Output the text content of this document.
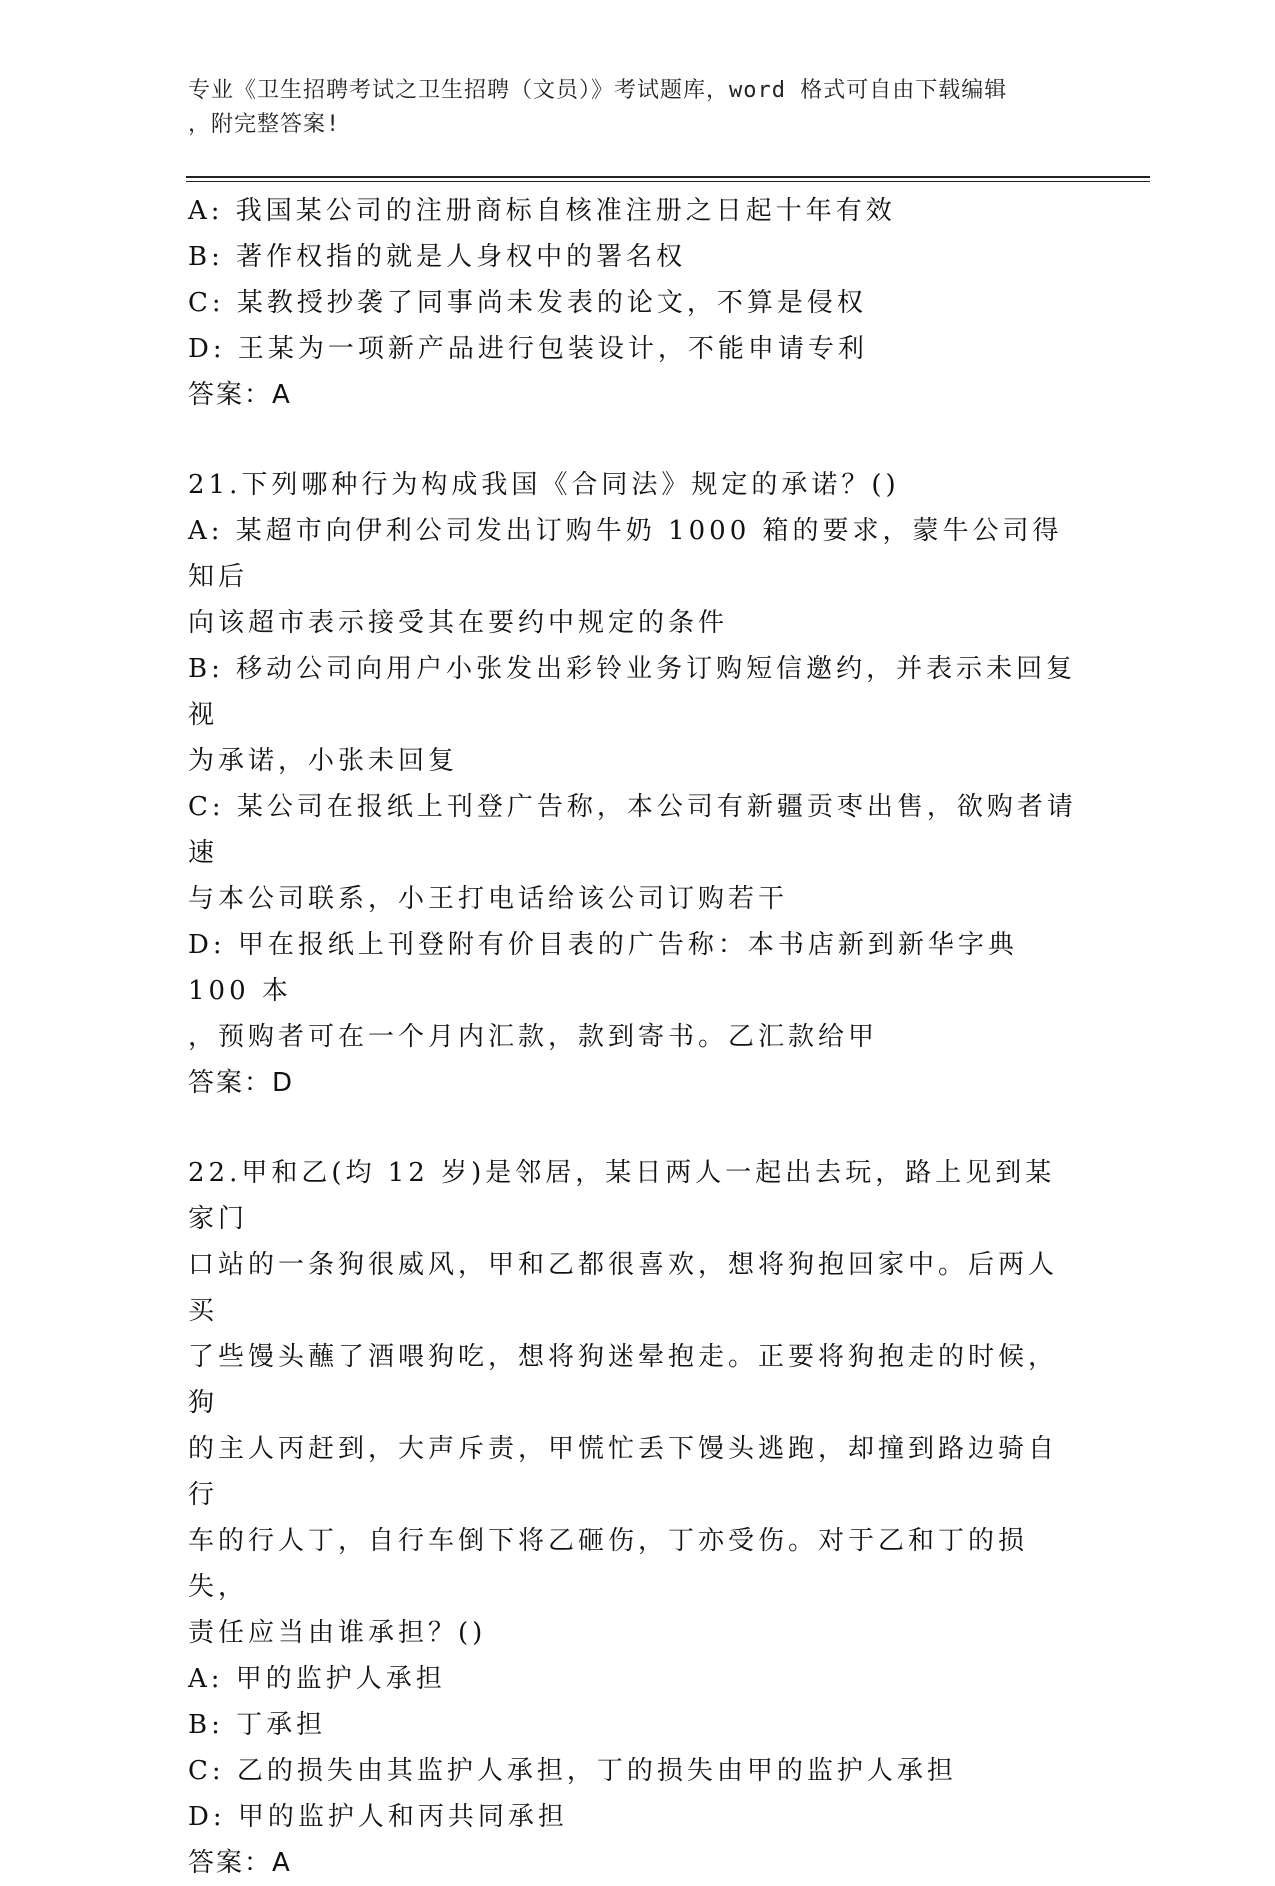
专业《卫生招聘考试之卫生招聘（文员）》考试题库，word 格式可自由下载编辑
，附完整答案!
A: 我国某公司的注册商标自核准注册之日起十年有效
B: 著作权指的就是人身权中的署名权
C: 某教授抄袭了同事尚未发表的论文，不算是侵权
D: 王某为一项新产品进行包装设计，不能申请专利
答案：A
21.下列哪种行为构成我国《合同法》规定的承诺？()
A: 某超市向伊利公司发出订购牛奶 1000 箱的要求，蒙牛公司得知后
向该超市表示接受其在要约中规定的条件
B: 移动公司向用户小张发出彩铃业务订购短信邀约，并表示未回复视
为承诺，小张未回复
C: 某公司在报纸上刊登广告称，本公司有新疆贡枣出售，欲购者请速
与本公司联系，小王打电话给该公司订购若干
D: 甲在报纸上刊登附有价目表的广告称：本书店新到新华字典 100 本
，预购者可在一个月内汇款，款到寄书。乙汇款给甲
答案：D
22.甲和乙(均 12 岁)是邻居，某日两人一起出去玩，路上见到某家门
口站的一条狗很威风，甲和乙都很喜欢，想将狗抱回家中。后两人买
了些馒头蘸了酒喂狗吃，想将狗迷晕抱走。正要将狗抱走的时候，狗
的主人丙赶到，大声斥责，甲慌忙丢下馒头逃跑，却撞到路边骑自行
车的行人丁，自行车倒下将乙砸伤，丁亦受伤。对于乙和丁的损失，
责任应当由谁承担？()
A: 甲的监护人承担
B: 丁承担
C: 乙的损失由其监护人承担，丁的损失由甲的监护人承担
D: 甲的监护人和丙共同承担
答案：A
